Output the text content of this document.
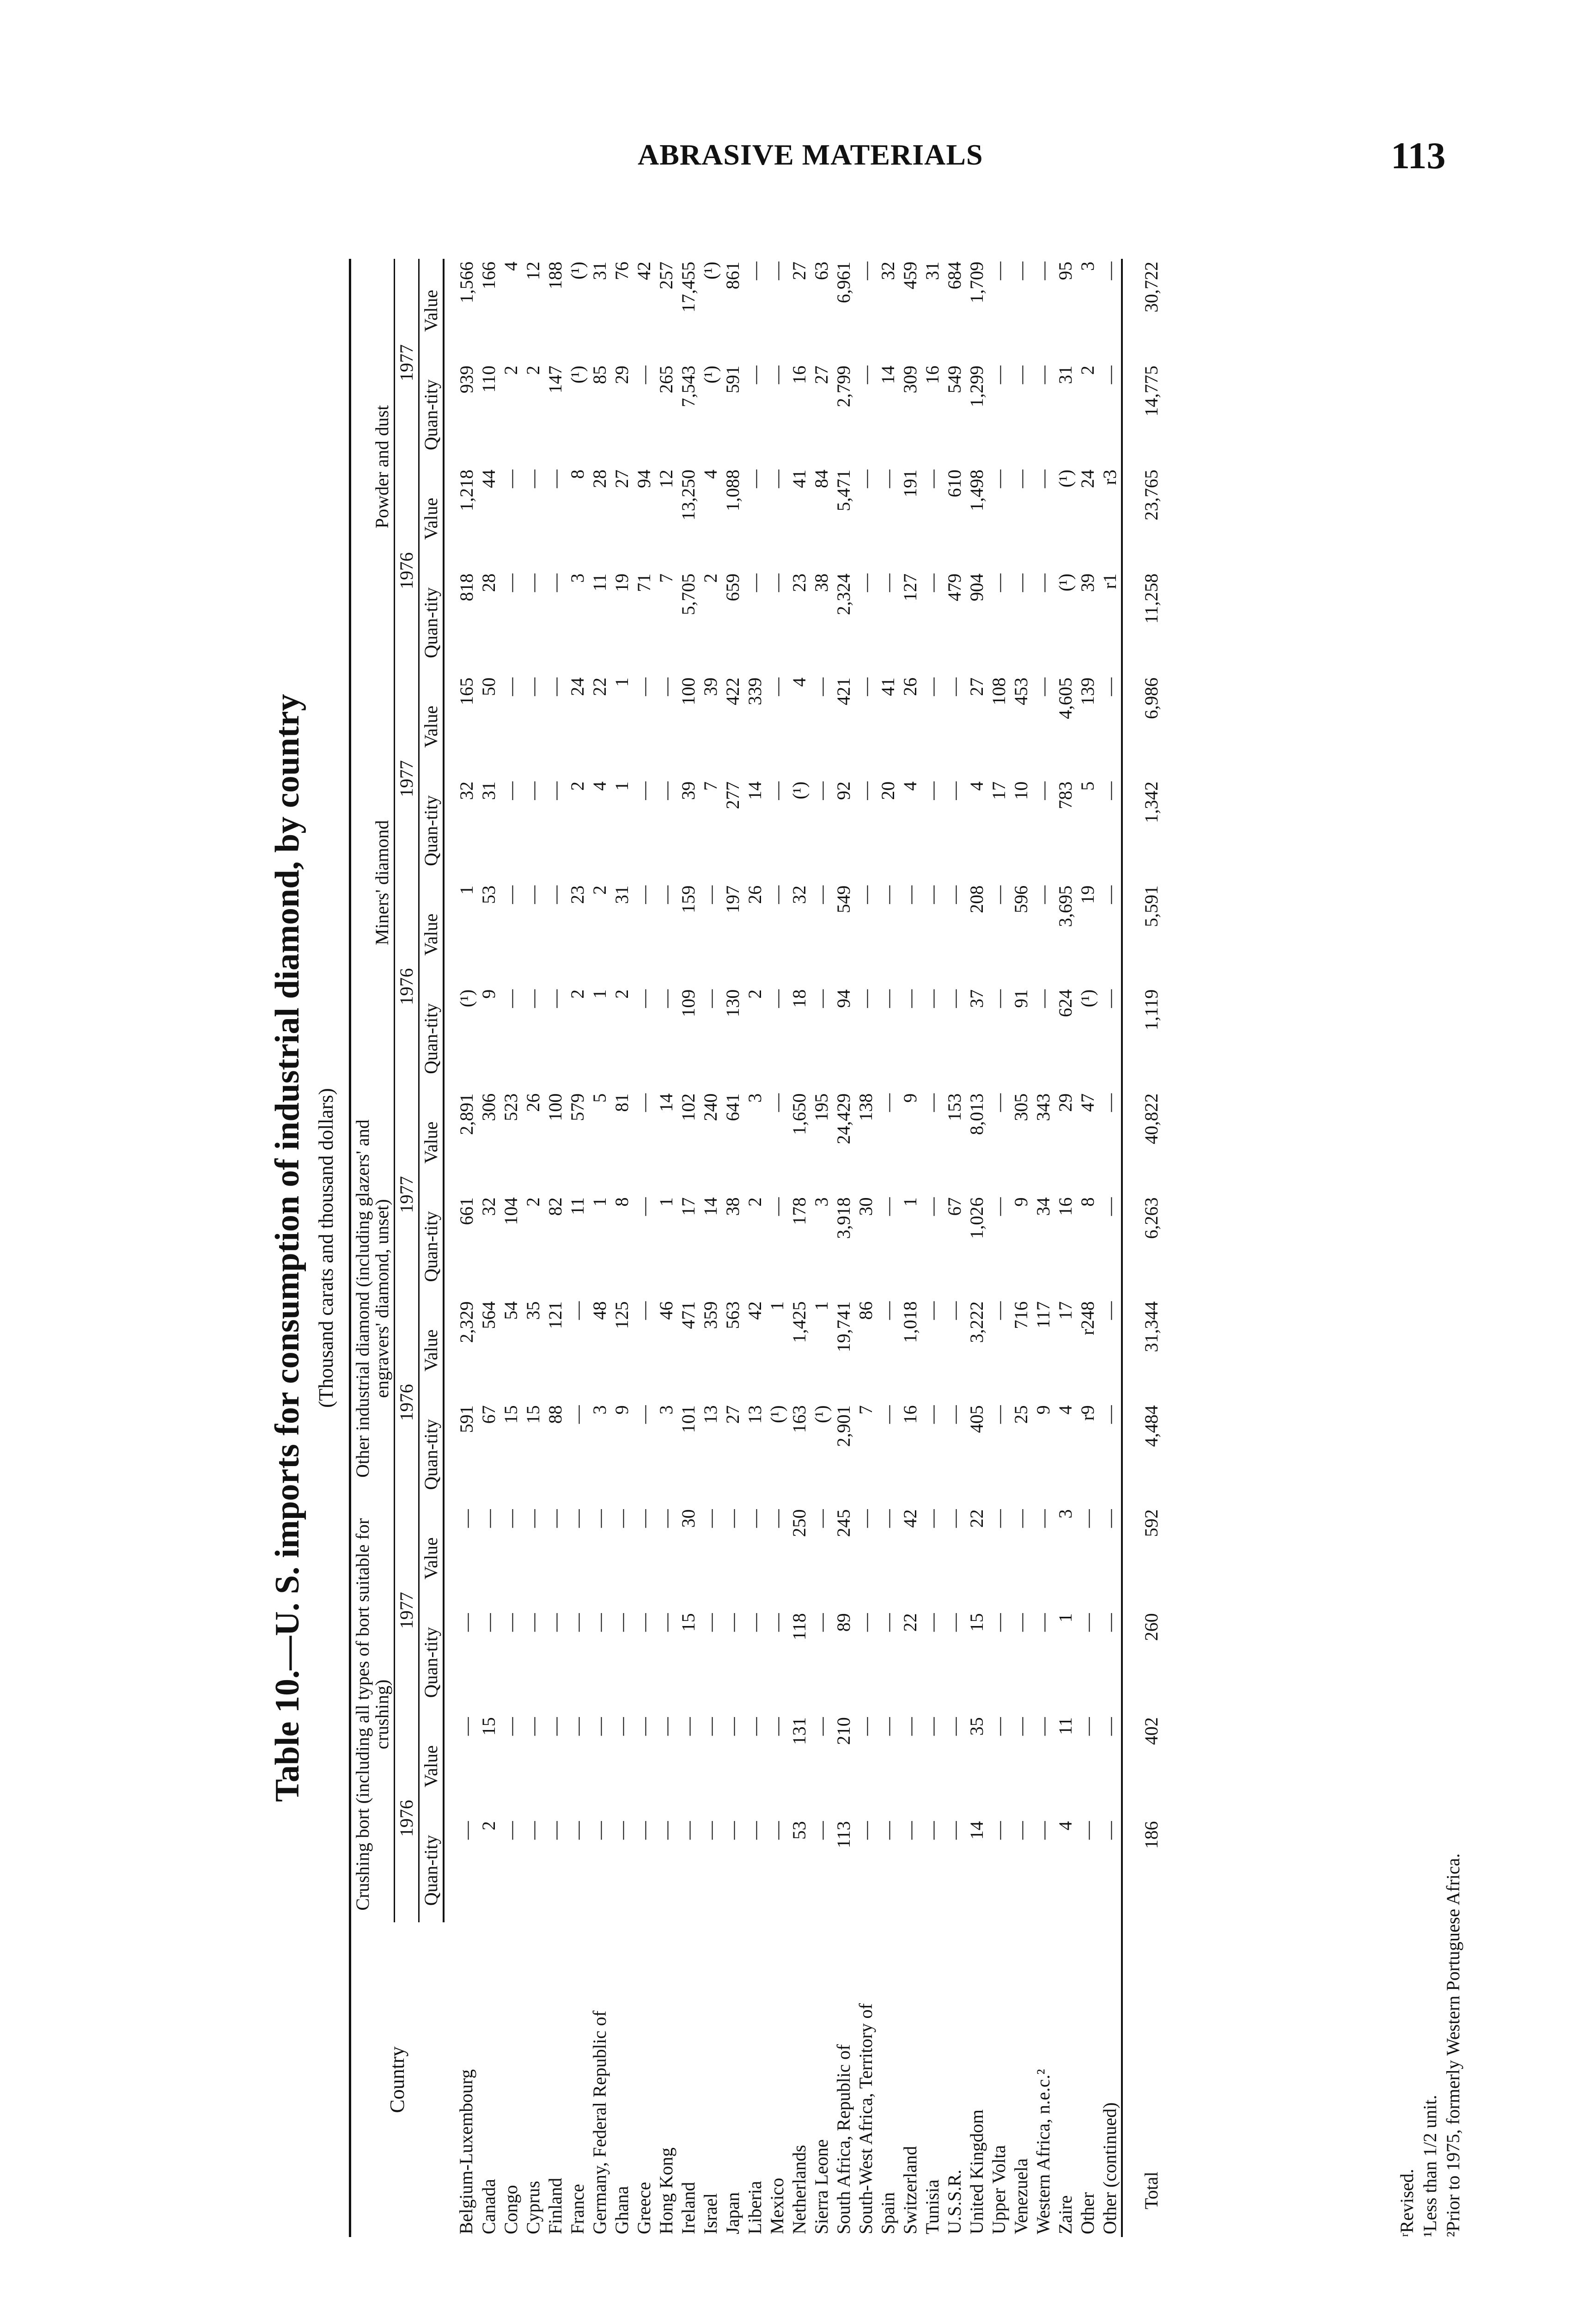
ABRASIVE MATERIALS	113
Table 10.—U. S. imports for consumption of industrial diamond, by country (Thousand carats and thousand dollars)
Country	Crushing bort (including all types of bort suitable for crushing)				Other industrial diamond (including glazers' and engravers' diamond, unset)				Miners' diamond				Powder and dust			
	1976		1977		1976		1977		1976		1977		1976		1977	
	Quan-tity	Value	Quan-tity	Value	Quan-tity	Value	Quan-tity	Value	Quan-tity	Value	Quan-tity	Value	Quan-tity	Value	Quan-tity	Value
Belgium-Luxembourg	—	—	—	—	591	2,329	661	2,891	(¹)	1	32	165	818	1,218	939	1,566
Canada	2	15	—	—	67	564	32	306	9	53	31	50	28	44	110	166
Congo	—	—	—	—	15	54	104	523	—	—	—	—	—	—	2	4
Cyprus	—	—	—	—	15	35	2	26	—	—	—	—	—	—	2	12
Finland	—	—	—	—	88	121	82	100	—	—	—	—	—	—	147	188
France	—	—	—	—	—	—	11	579	2	23	2	24	3	8	(¹)	(¹)
Germany, Federal Republic of	—	—	—	—	3	48	1	5	1	2	4	22	11	28	85	31
Ghana	—	—	—	—	9	125	8	81	2	31	1	1	19	27	29	76
Greece	—	—	—	—	—	—	—	—	—	—	—	—	71	94	—	42
Hong Kong	—	—	—	—	3	46	1	14	—	—	—	—	7	12	265	257
Ireland	—	—	15	30	101	471	17	102	109	159	39	100	5,705	13,250	7,543	17,455
Israel	—	—	—	—	13	359	14	240	—	—	7	39	2	4	(¹)	(¹)
Japan	—	—	—	—	27	563	38	641	130	197	277	422	659	1,088	591	861
Liberia	—	—	—	—	13	42	2	3	2	26	14	339	—	—	—	—
Mexico	—	—	—	—	(¹)	1	—	—	—	—	—	—	—	—	—	—
Netherlands	53	131	118	250	163	1,425	178	1,650	18	32	(¹)	4	23	41	16	27
Sierra Leone	—	—	—	—	(¹)	1	3	195	—	—	—	—	38	84	27	63
South Africa, Republic of	113	210	89	245	2,901	19,741	3,918	24,429	94	549	92	421	2,324	5,471	2,799	6,961
South-West Africa, Territory of	—	—	—	—	7	86	30	138	—	—	—	—	—	—	—	—
Spain	—	—	—	—	—	—	—	—	—	—	20	41	—	—	14	32
Switzerland	—	—	22	42	16	1,018	1	9	—	—	4	26	127	191	309	459
Tunisia	—	—	—	—	—	—	—	—	—	—	—	—	—	—	16	31
U.S.S.R.	—	—	—	—	—	—	67	153	—	—	—	—	479	610	549	684
United Kingdom	14	35	15	22	405	3,222	1,026	8,013	37	208	4	27	904	1,498	1,299	1,709
Upper Volta	—	—	—	—	—	—	—	—	—	—	17	108	—	—	—	—
Venezuela	—	—	—	—	25	716	9	305	91	596	10	453	—	—	—	—
Western Africa, n.e.c.²	—	—	—	—	9	117	34	343	—	—	—	—	—	—	—	—
Zaire	4	11	1	3	4	17	16	29	624	3,695	783	4,605	(¹)	(¹)	31	95
Other	—	—	—	—	r9	r248	8	47	(¹)	19	5	139	39	24	2	3
Other (continued)	—	—	—	—	—	—	—	—	—	—	—	—	r1	r3	—	—
Total	186	402	260	592	4,484	31,344	6,263	40,822	1,119	5,591	1,342	6,986	11,258	23,765	14,775	30,722
ʳRevised. ¹Less than 1/2 unit. ²Prior to 1975, formerly Western Portuguese Africa.
